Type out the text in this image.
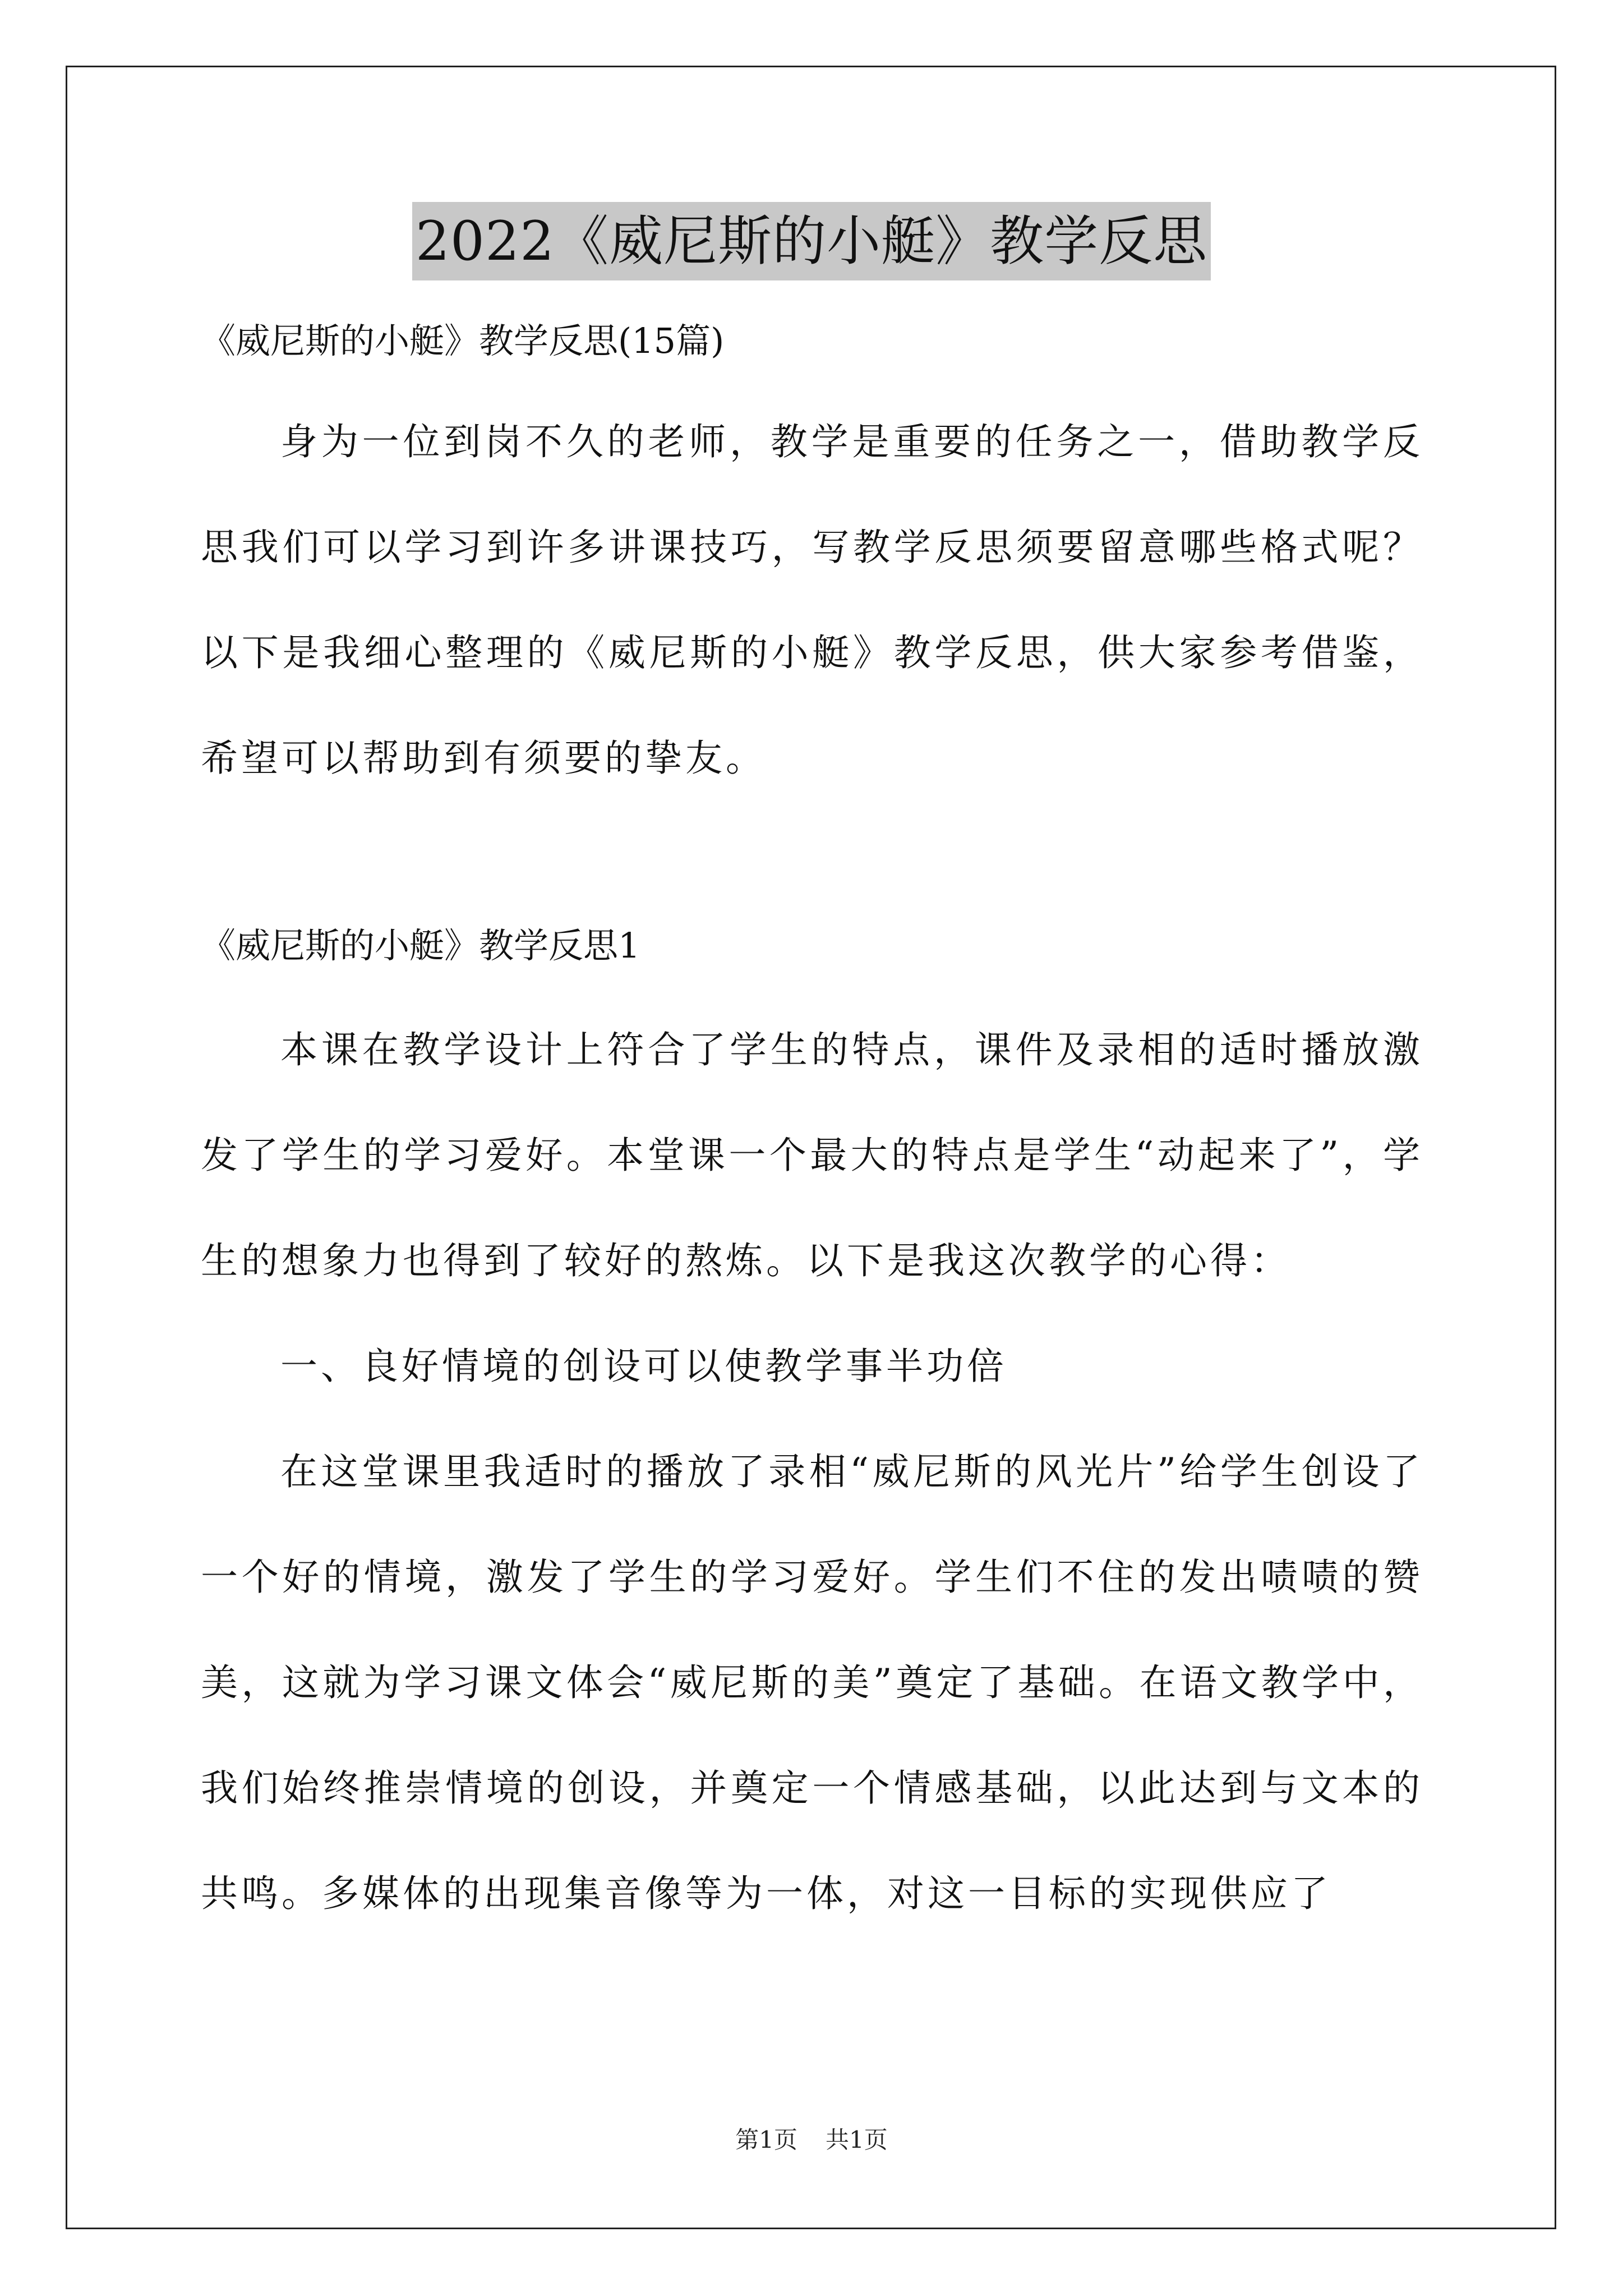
2022《威尼斯的小艇》教学反思

《威尼斯的小艇》教学反思(15篇)

身为一位到岗不久的老师，教学是重要的任务之一，借助教学反思我们可以学习到许多讲课技巧，写教学反思须要留意哪些格式呢？以下是我细心整理的《威尼斯的小艇》教学反思，供大家参考借鉴，希望可以帮助到有须要的挚友。

《威尼斯的小艇》教学反思1

本课在教学设计上符合了学生的特点，课件及录相的适时播放激发了学生的学习爱好。本堂课一个最大的特点是学生“动起来了”，学生的想象力也得到了较好的熬炼。以下是我这次教学的心得：

一、良好情境的创设可以使教学事半功倍

在这堂课里我适时的播放了录相“威尼斯的风光片”给学生创设了一个好的情境，激发了学生的学习爱好。学生们不住的发出啧啧的赞美，这就为学习课文体会“威尼斯的美”奠定了基础。在语文教学中，我们始终推崇情境的创设，并奠定一个情感基础，以此达到与文本的共鸣。多媒体的出现集音像等为一体，对这一目标的实现供应了

第1页 共1页
